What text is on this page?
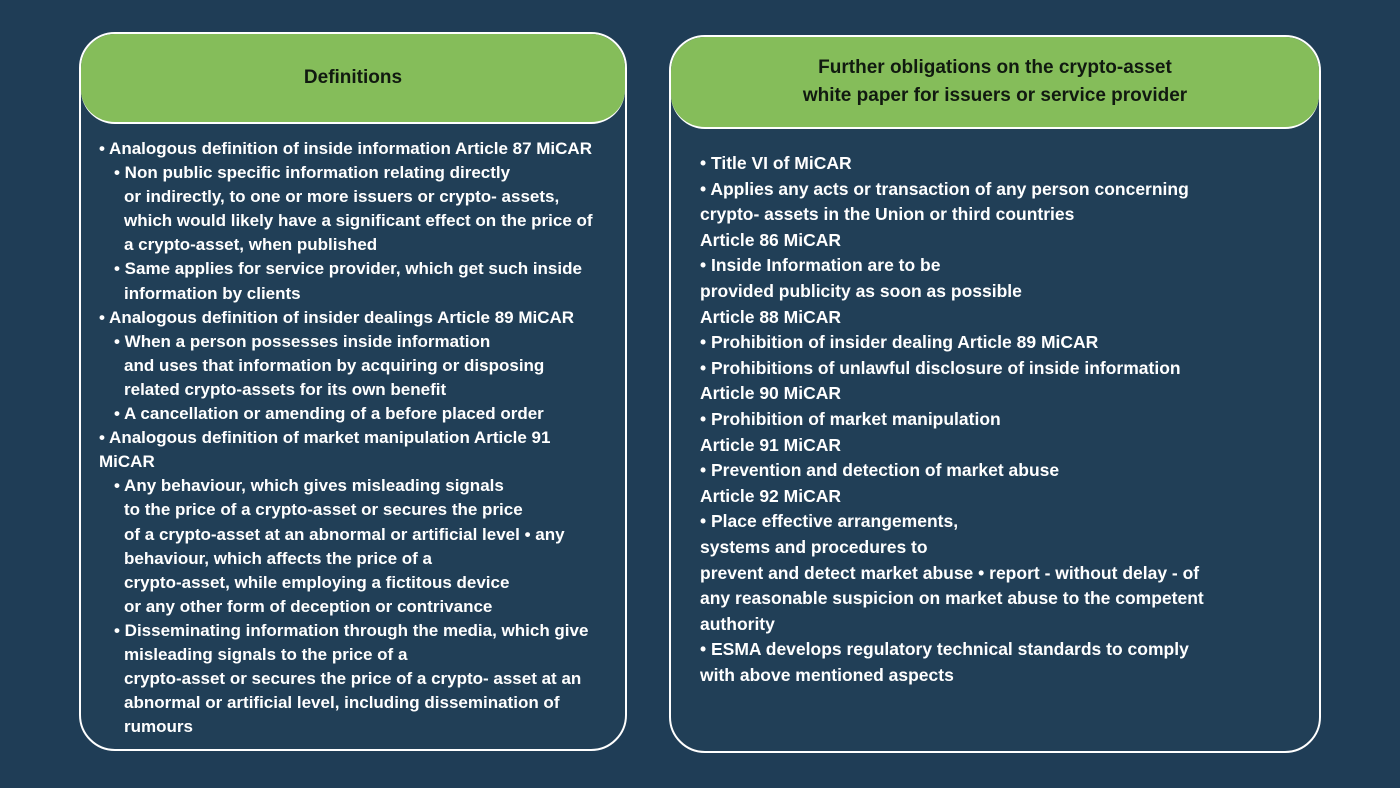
Definitions
• Analogous definition of inside information Article 87 MiCAR
• Non public specific information relating directly
or indirectly, to one or more issuers or crypto- assets,
which would likely have a significant effect on the price of
a crypto-asset, when published
• Same applies for service provider, which get such inside
information by clients
• Analogous definition of insider dealings Article 89 MiCAR
• When a person possesses inside information
and uses that information by acquiring or disposing
related crypto-assets for its own benefit
• A cancellation or amending of a before placed order
• Analogous definition of market manipulation Article 91
MiCAR
• Any behaviour, which gives misleading signals
to the price of a crypto-asset or secures the price
of a crypto-asset at an abnormal or artificial level • any
behaviour, which affects the price of a
crypto-asset, while employing a fictitous device
or any other form of deception or contrivance
• Disseminating information through the media, which give
misleading signals to the price of a
crypto-asset or secures the price of a crypto- asset at an
abnormal or artificial level, including dissemination of
rumours
Further obligations on the crypto-asset
white paper for issuers or service provider
• Title VI of MiCAR
• Applies any acts or transaction of any person concerning
crypto- assets in the Union or third countries
Article 86 MiCAR
• Inside Information are to be
provided publicity as soon as possible
Article 88 MiCAR
• Prohibition of insider dealing Article 89 MiCAR
• Prohibitions of unlawful disclosure of inside information
Article 90 MiCAR
• Prohibition of market manipulation
Article 91 MiCAR
• Prevention and detection of market abuse
Article 92 MiCAR
• Place effective arrangements,
systems and procedures to
prevent and detect market abuse • report - without delay - of
any reasonable suspicion on market abuse to the competent
authority
• ESMA develops regulatory technical standards to comply
with above mentioned aspects
